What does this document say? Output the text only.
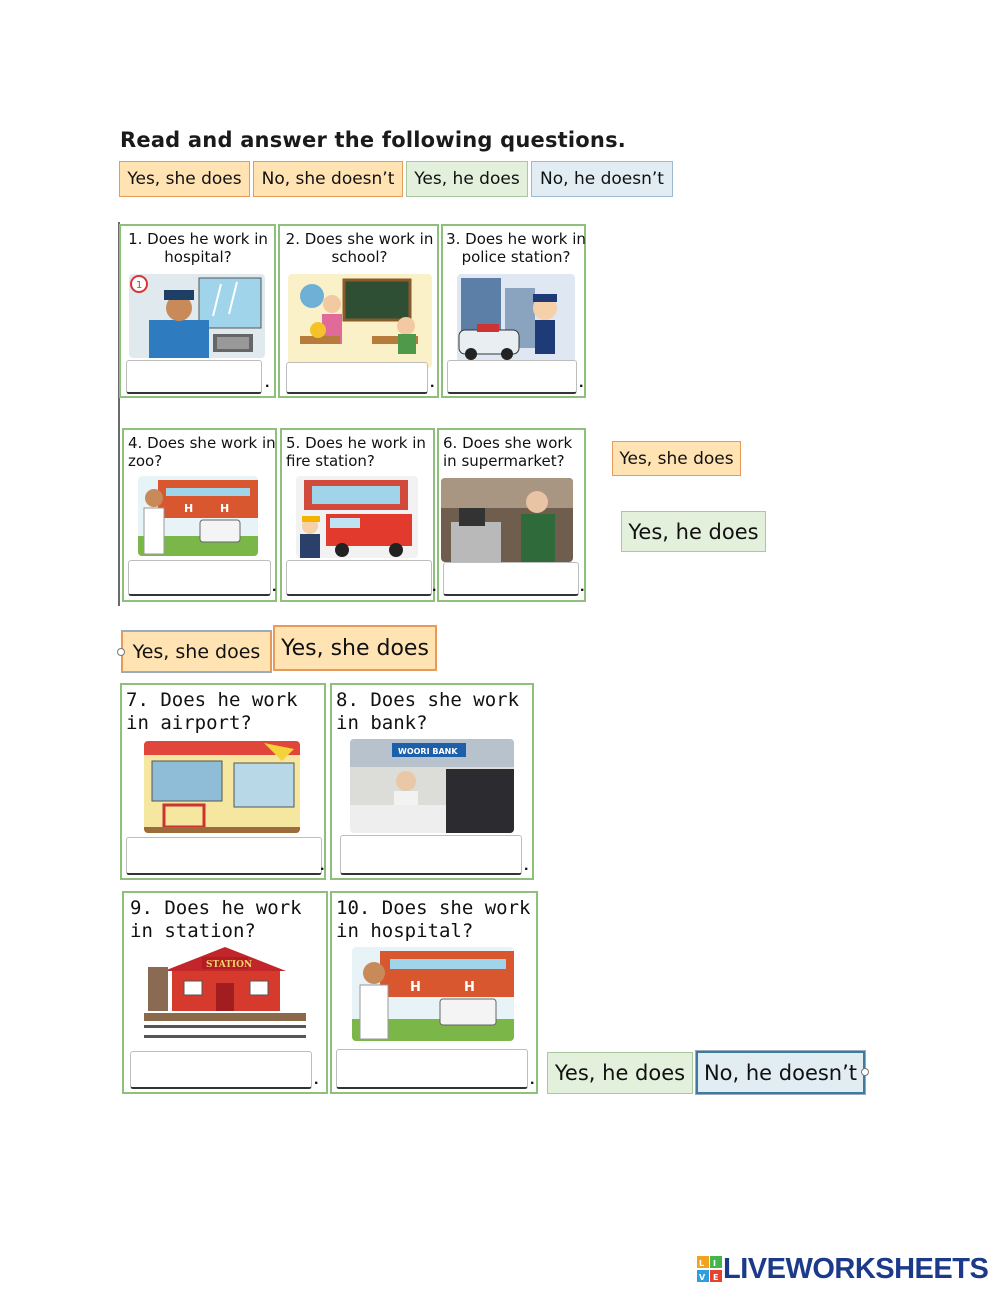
Read and answer the following questions.
Yes, she does	No, she doesn’t	Yes, he does	No, he doesn’t
1. Does he work in hospital?
1
.
2. Does she work in school?
.
3. Does he work in police station?
.
4. Does she work in zoo?
H H
.
5. Does he work in fire station?
.
6. Does she work in supermarket?
.
Yes, she does
Yes, he does
Yes, she does Yes, she does
7. Does he work in airport?
.
8. Does she work in bank?
WOORI BANK
.
9. Does he work in station?
STATION
.
10. Does she work in hospital?
H	H
. Yes, he does No, he doesn’t
L I
V E LIVEWORKSHEETS
